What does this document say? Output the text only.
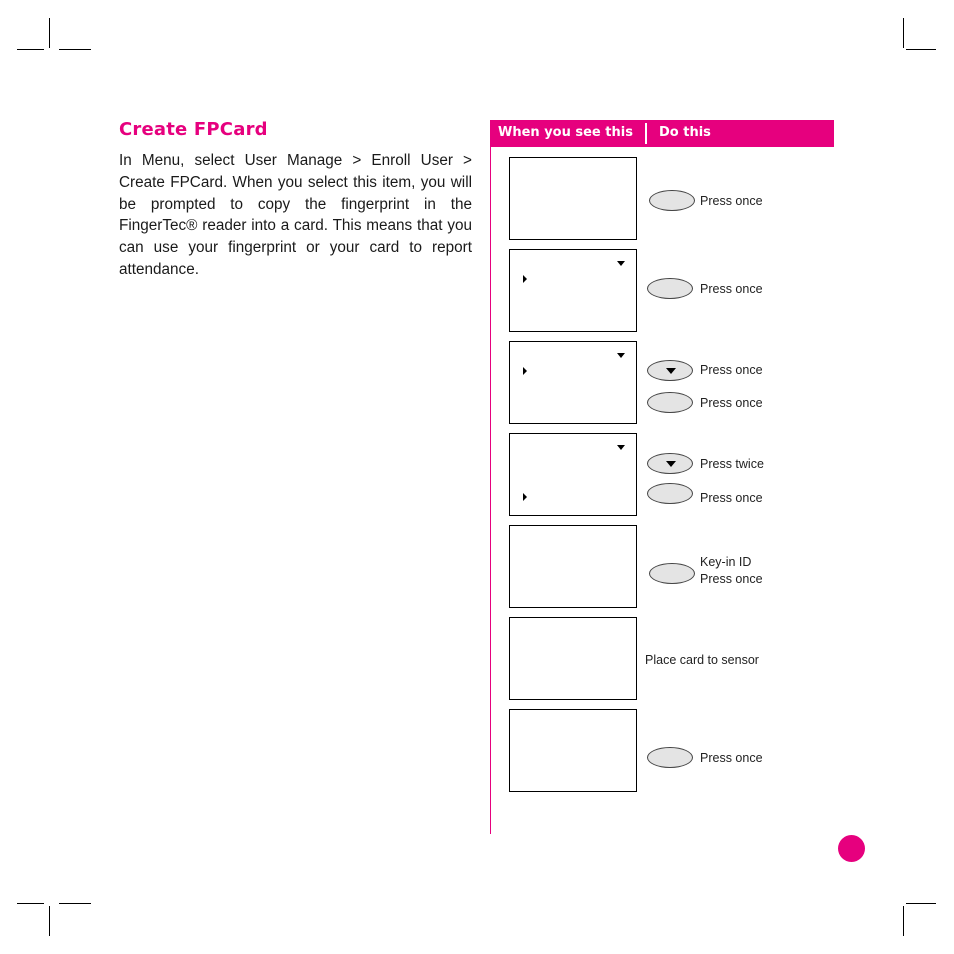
Create FPCard
In Menu, select User Manage > Enroll User > Create FPCard. When you select this item, you will be prompted to copy the fingerprint in the FingerTec® reader into a card. This means that you can use your fingerprint or your card to report attendance.
When you see this Do this
Press once
Press once
Press once
Press once
Press twice
Press once
Key-in ID
Press once
Place card to sensor
Press once
